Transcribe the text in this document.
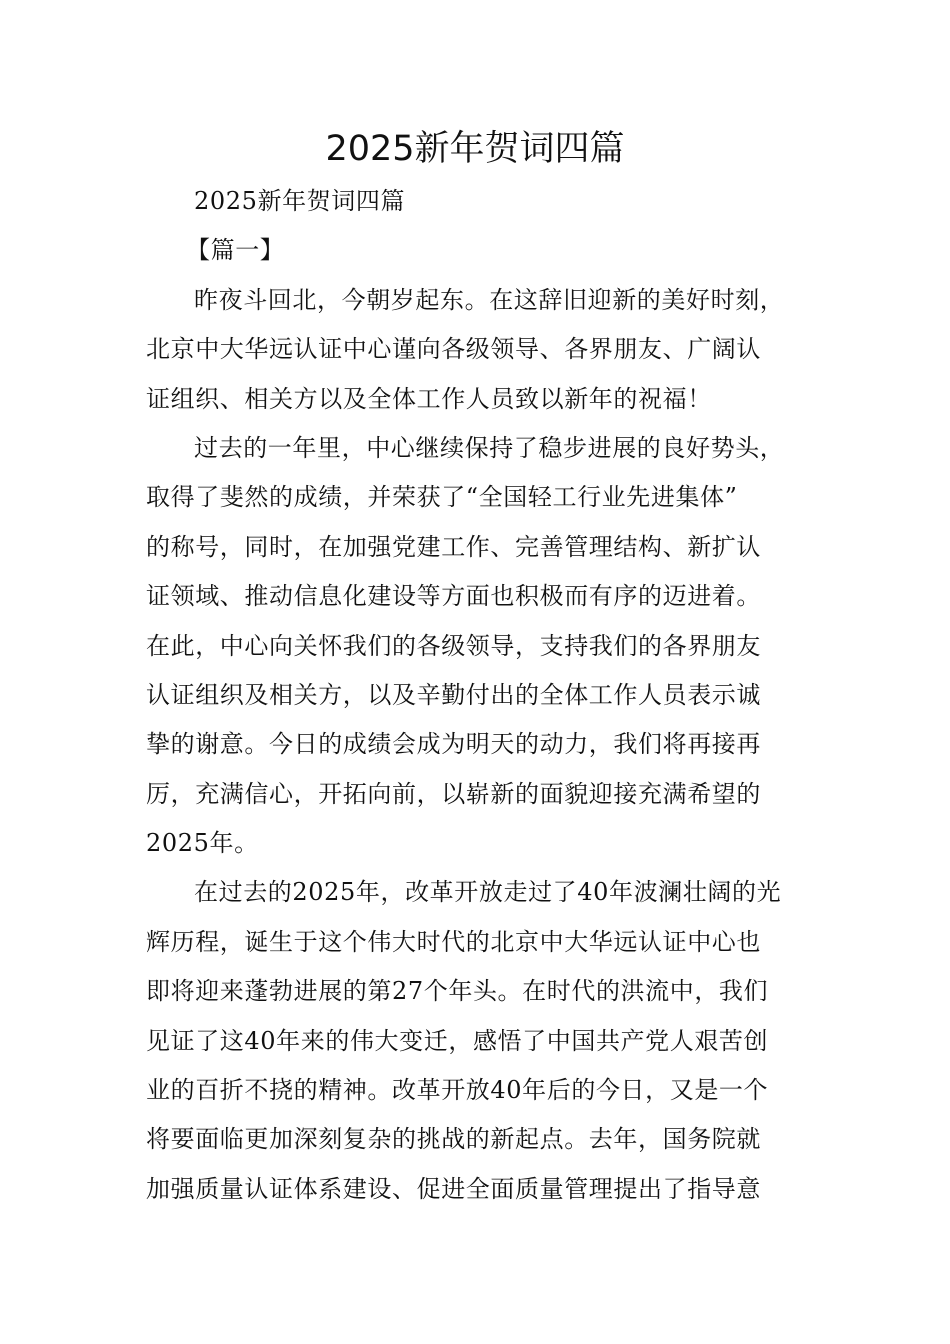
2025新年贺词四篇
2025新年贺词四篇
【篇一】
昨夜斗回北，今朝岁起东。在这辞旧迎新的美好时刻，
北京中大华远认证中心谨向各级领导、各界朋友、广阔认
证组织、相关方以及全体工作人员致以新年的祝福！
过去的一年里，中心继续保持了稳步进展的良好势头，
取得了斐然的成绩，并荣获了“全国轻工行业先进集体”
的称号，同时，在加强党建工作、完善管理结构、新扩认
证领域、推动信息化建设等方面也积极而有序的迈进着。
在此，中心向关怀我们的各级领导，支持我们的各界朋友
认证组织及相关方，以及辛勤付出的全体工作人员表示诚
挚的谢意。今日的成绩会成为明天的动力，我们将再接再
厉，充满信心，开拓向前，以崭新的面貌迎接充满希望的
2025年。
在过去的2025年，改革开放走过了40年波澜壮阔的光
辉历程，诞生于这个伟大时代的北京中大华远认证中心也
即将迎来蓬勃进展的第27个年头。在时代的洪流中，我们
见证了这40年来的伟大变迁，感悟了中国共产党人艰苦创
业的百折不挠的精神。改革开放40年后的今日，又是一个
将要面临更加深刻复杂的挑战的新起点。去年，国务院就
加强质量认证体系建设、促进全面质量管理提出了指导意
